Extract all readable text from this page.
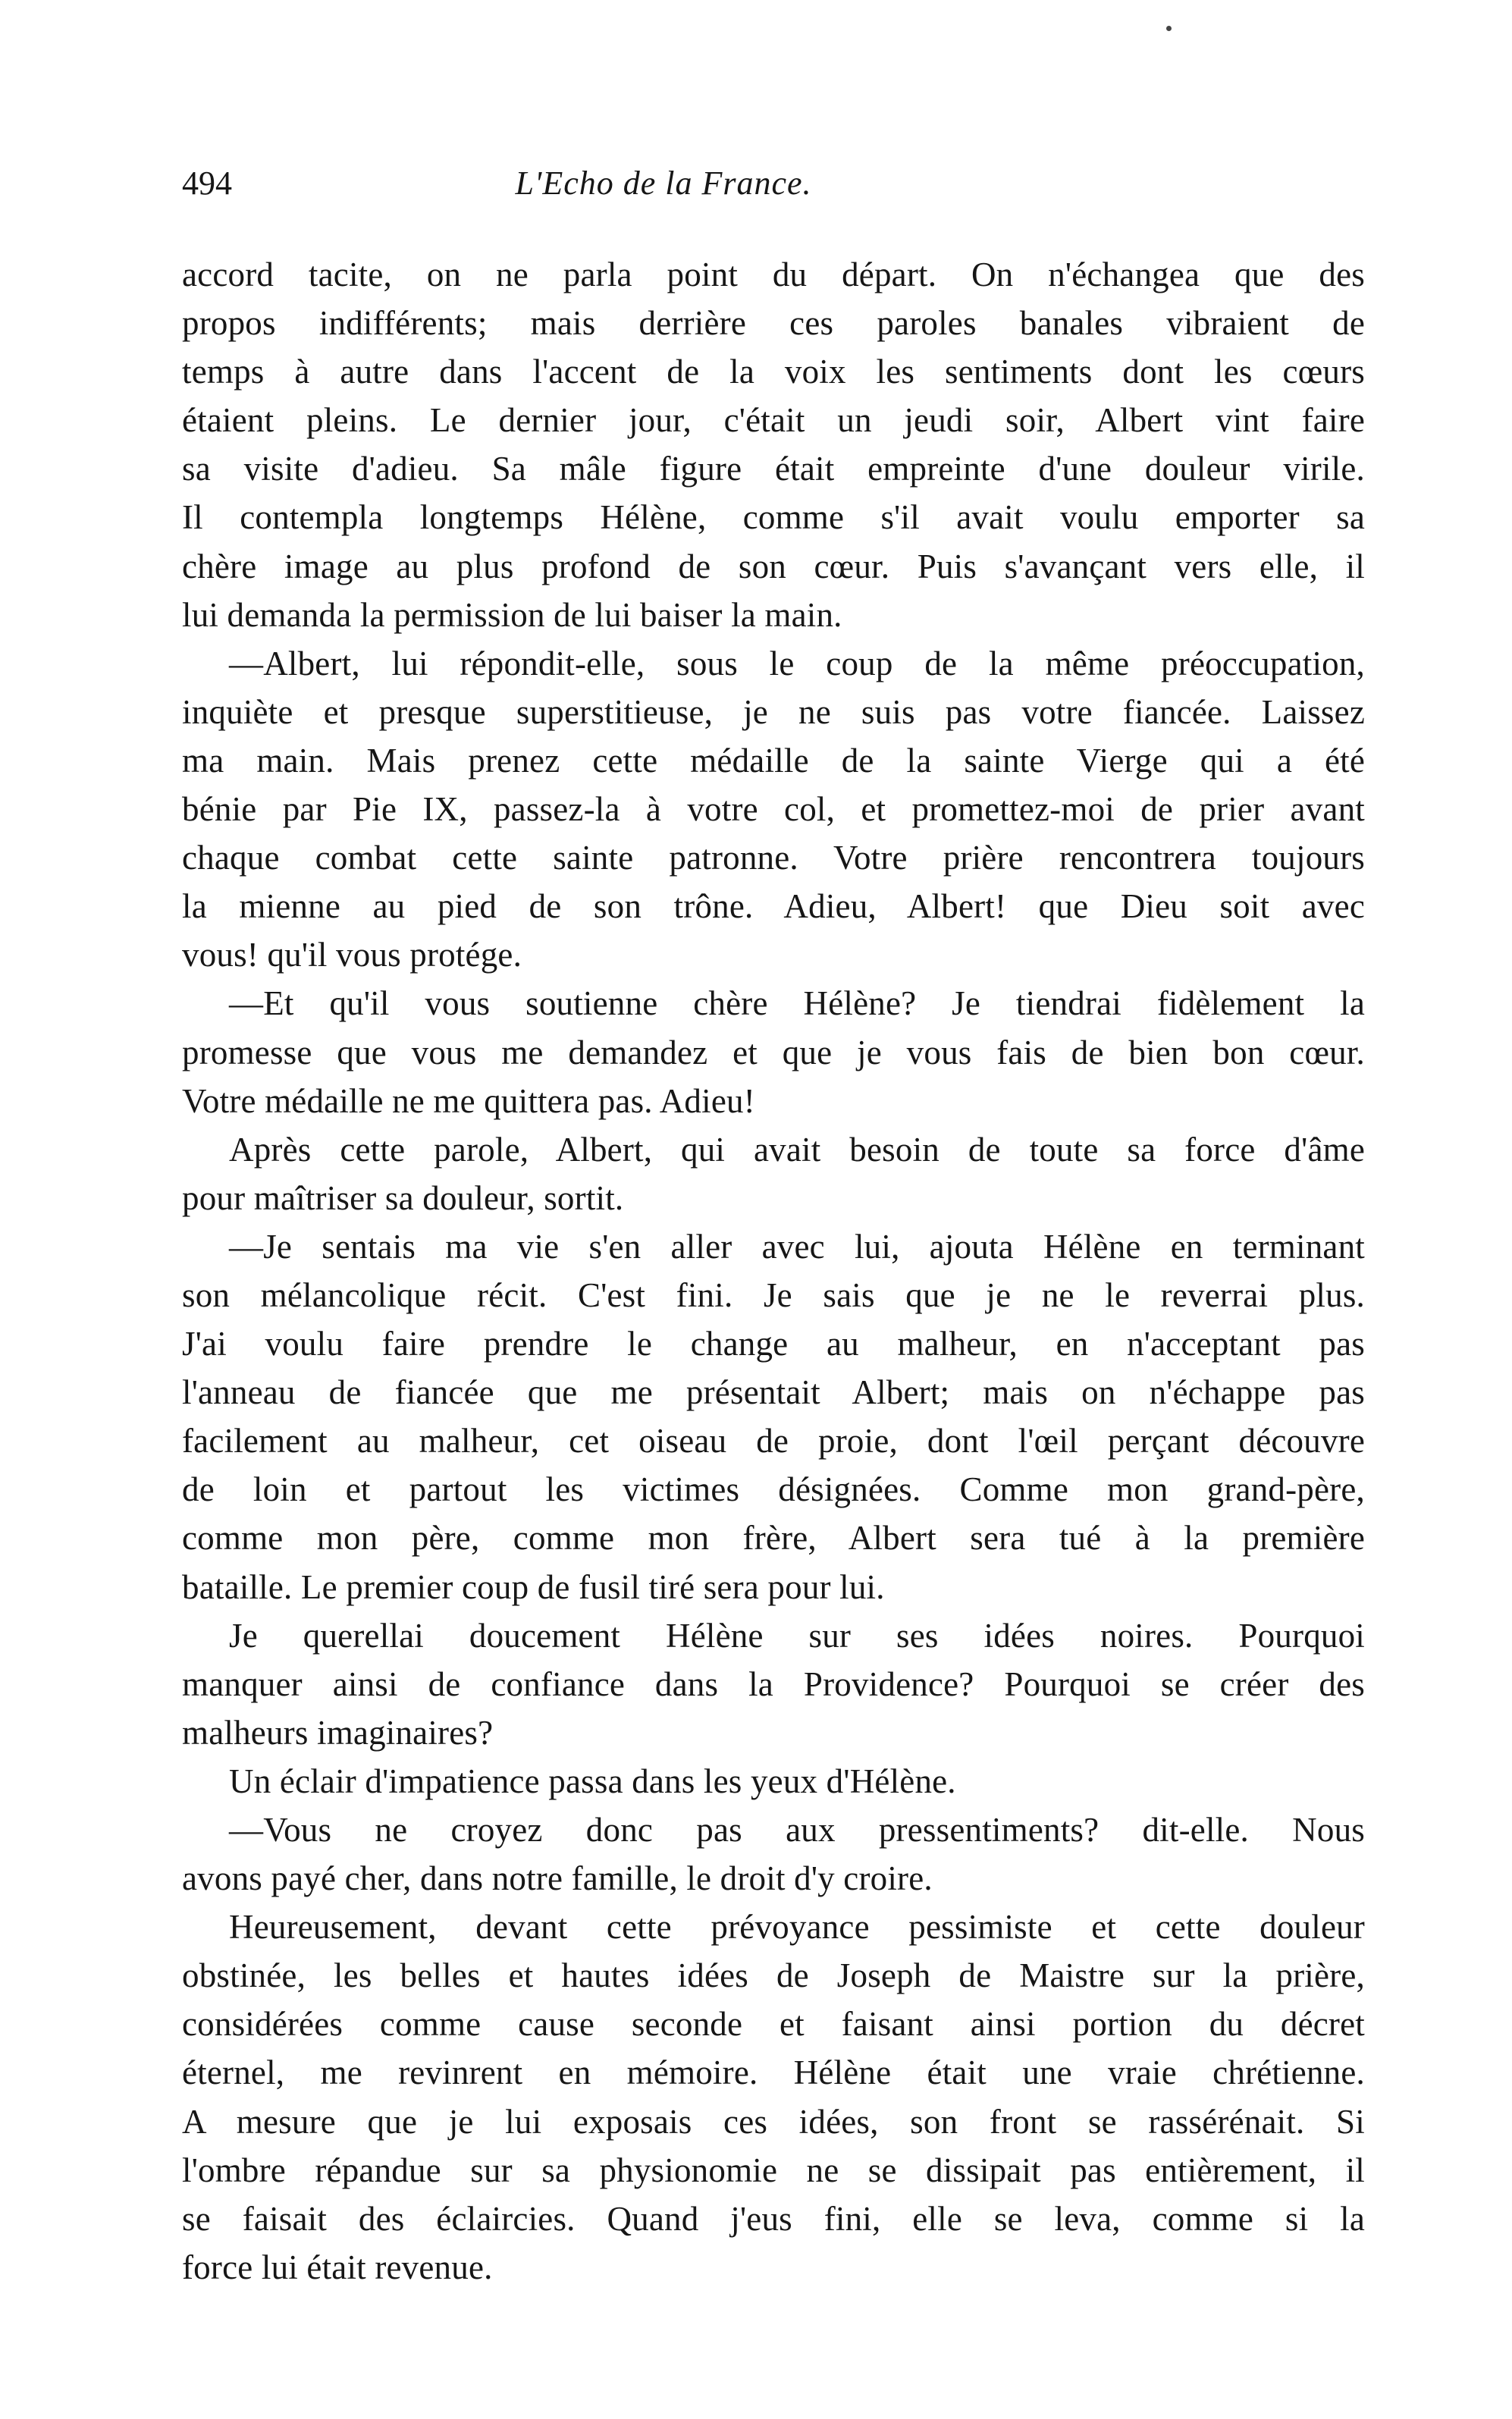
494	L'Echo de la France.
accord tacite, on ne parla point du départ. On n'échangea que des
propos indifférents; mais derrière ces paroles banales vibraient de
temps à autre dans l'accent de la voix les sentiments dont les cœurs
étaient pleins. Le dernier jour, c'était un jeudi soir, Albert vint faire
sa visite d'adieu. Sa mâle figure était empreinte d'une douleur virile.
Il contempla longtemps Hélène, comme s'il avait voulu emporter sa
chère image au plus profond de son cœur. Puis s'avançant vers elle, il
lui demanda la permission de lui baiser la main.
—Albert, lui répondit-elle, sous le coup de la même préoccupation,
inquiète et presque superstitieuse, je ne suis pas votre fiancée. Laissez
ma main. Mais prenez cette médaille de la sainte Vierge qui a été
bénie par Pie IX, passez-la à votre col, et promettez-moi de prier avant
chaque combat cette sainte patronne. Votre prière rencontrera toujours
la mienne au pied de son trône. Adieu, Albert! que Dieu soit avec
vous! qu'il vous protége.
—Et qu'il vous soutienne chère Hélène? Je tiendrai fidèlement la
promesse que vous me demandez et que je vous fais de bien bon cœur.
Votre médaille ne me quittera pas. Adieu!
Après cette parole, Albert, qui avait besoin de toute sa force d'âme
pour maîtriser sa douleur, sortit.
—Je sentais ma vie s'en aller avec lui, ajouta Hélène en terminant
son mélancolique récit. C'est fini. Je sais que je ne le reverrai plus.
J'ai voulu faire prendre le change au malheur, en n'acceptant pas
l'anneau de fiancée que me présentait Albert; mais on n'échappe pas
facilement au malheur, cet oiseau de proie, dont l'œil perçant découvre
de loin et partout les victimes désignées. Comme mon grand-père,
comme mon père, comme mon frère, Albert sera tué à la première
bataille. Le premier coup de fusil tiré sera pour lui.
Je querellai doucement Hélène sur ses idées noires. Pourquoi
manquer ainsi de confiance dans la Providence? Pourquoi se créer des
malheurs imaginaires?
Un éclair d'impatience passa dans les yeux d'Hélène.
—Vous ne croyez donc pas aux pressentiments? dit-elle. Nous
avons payé cher, dans notre famille, le droit d'y croire.
Heureusement, devant cette prévoyance pessimiste et cette douleur
obstinée, les belles et hautes idées de Joseph de Maistre sur la prière,
considérées comme cause seconde et faisant ainsi portion du décret
éternel, me revinrent en mémoire. Hélène était une vraie chrétienne.
A mesure que je lui exposais ces idées, son front se rassérénait. Si
l'ombre répandue sur sa physionomie ne se dissipait pas entièrement, il
se faisait des éclaircies. Quand j'eus fini, elle se leva, comme si la
force lui était revenue.
